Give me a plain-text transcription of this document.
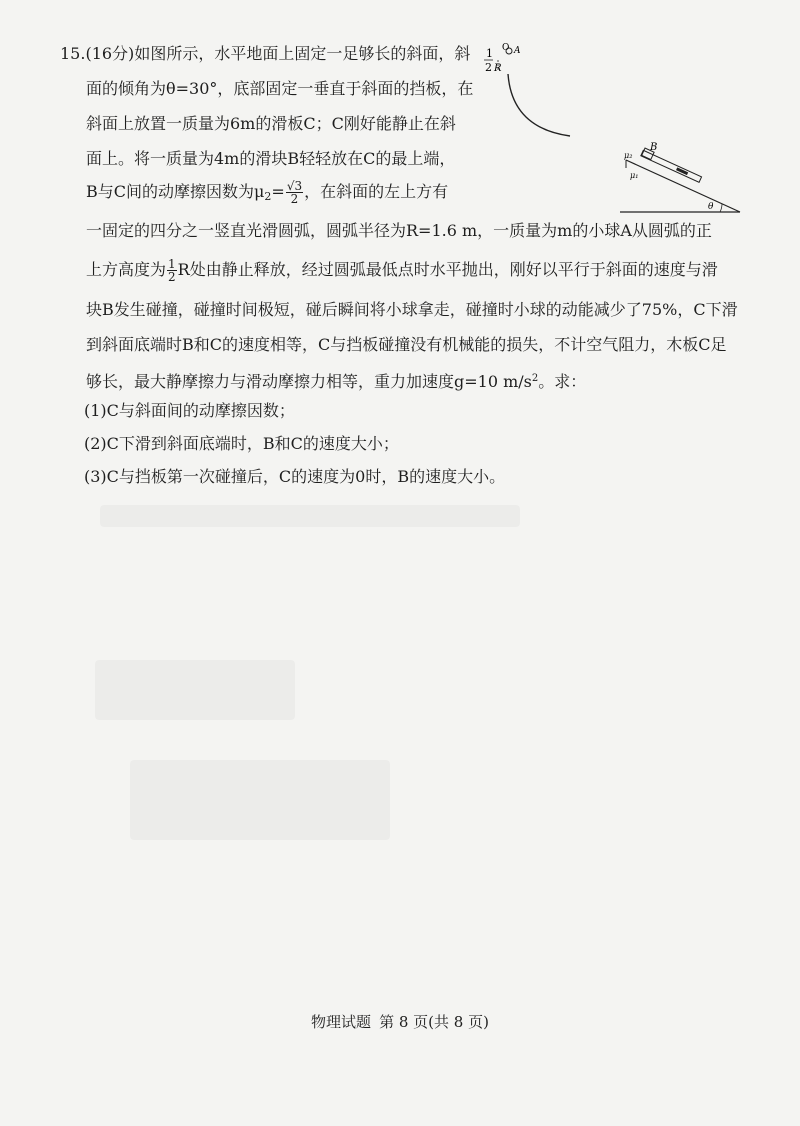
15.(16分)如图所示，水平地面上固定一足够长的斜面，斜
面的倾角为θ=30°，底部固定一垂直于斜面的挡板，在
斜面上放置一质量为6m的滑板C；C刚好能静止在斜
面上。将一质量为4m的滑块B轻轻放在C的最上端，
B与C间的动摩擦因数为$\mu_2= \frac{√3}{2}$ ，在斜面的左上方有
一固定的四分之一竖直光滑圆弧，圆弧半径为R=1.6 m，一质量为m的小球A从圆弧的正
上方高度为 $\frac{1}{2}$ R处由静止释放，经过圆弧最低点时水平抛出，刚好以平行于斜面的速度与滑
块B发生碰撞，碰撞时间极短，碰后瞬间将小球拿走，碰撞时小球的动能减少了75%，C下滑
到斜面底端时B和C的速度相等，C与挡板碰撞没有机械能的损失，不计空气阻力，木板C足
够长，最大静摩擦力与滑动摩擦力相等，重力加速度g=10 $m/s^2$。求：
(1)C与斜面间的动摩擦因数；
(2)C下滑到斜面底端时，B和C的速度大小；
(3)C与挡板第一次碰撞后，C的速度为0时，B的速度大小。
1
2 R
O A
B
μ₂
μ₁
θ
物理试题 第 8 页(共 8 页)
